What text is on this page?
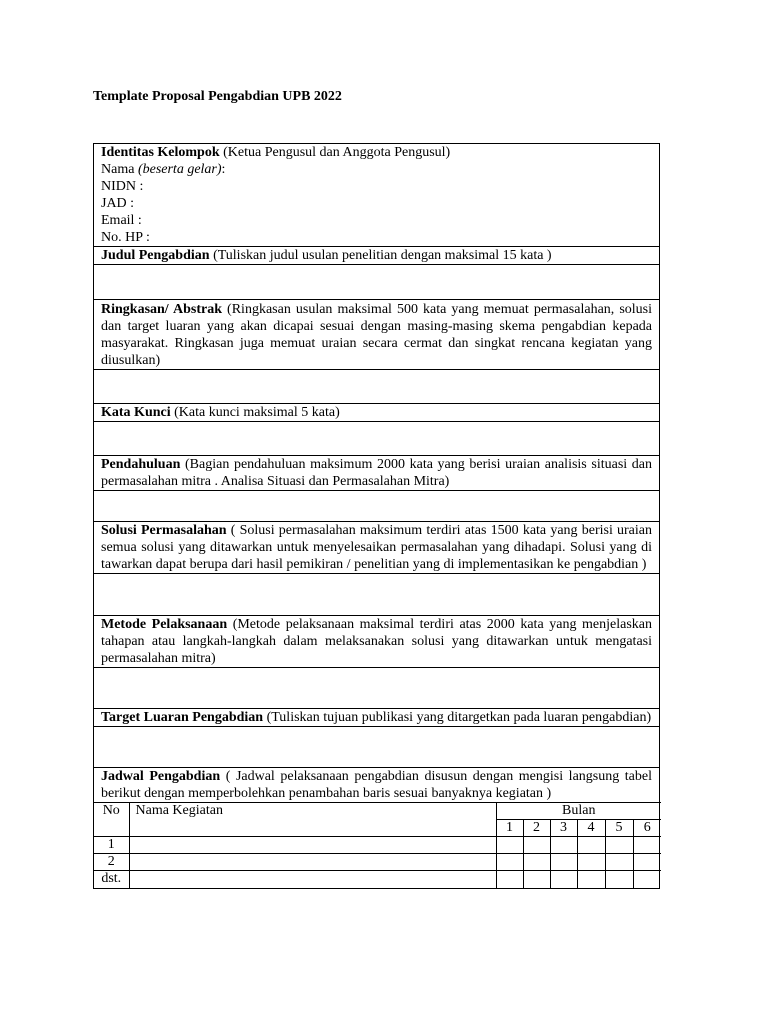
Template Proposal Pengabdian UPB 2022
Identitas Kelompok (Ketua Pengusul dan Anggota Pengusul)
Nama (beserta gelar):
NIDN :
JAD :
Email :
No. HP :
Judul Pengabdian (Tuliskan judul usulan penelitian dengan maksimal 15 kata )
Ringkasan/ Abstrak (Ringkasan usulan maksimal 500 kata yang memuat permasalahan, solusi dan target luaran yang akan dicapai sesuai dengan masing-masing skema pengabdian kepada masyarakat. Ringkasan juga memuat uraian secara cermat dan singkat rencana kegiatan yang diusulkan)
Kata Kunci (Kata kunci maksimal 5 kata)
Pendahuluan (Bagian pendahuluan maksimum 2000 kata yang berisi uraian analisis situasi dan permasalahan mitra . Analisa Situasi dan Permasalahan Mitra)
Solusi Permasalahan ( Solusi permasalahan maksimum terdiri atas 1500 kata yang berisi uraian semua solusi yang ditawarkan untuk menyelesaikan permasalahan yang dihadapi. Solusi yang di tawarkan dapat berupa dari hasil pemikiran / penelitian yang di implementasikan ke pengabdian )
Metode Pelaksanaan (Metode pelaksanaan maksimal terdiri atas 2000 kata yang menjelaskan tahapan atau langkah-langkah dalam melaksanakan solusi yang ditawarkan untuk mengatasi permasalahan mitra)
Target Luaran Pengabdian (Tuliskan tujuan publikasi yang ditargetkan pada luaran pengabdian)
Jadwal Pengabdian ( Jadwal pelaksanaan pengabdian disusun dengan mengisi langsung tabel berikut dengan memperbolehkan penambahan baris sesuai banyaknya kegiatan )
No	Nama Kegiatan	Bulan					
		1	2	3	4	5	6
1							
2							
dst.							
